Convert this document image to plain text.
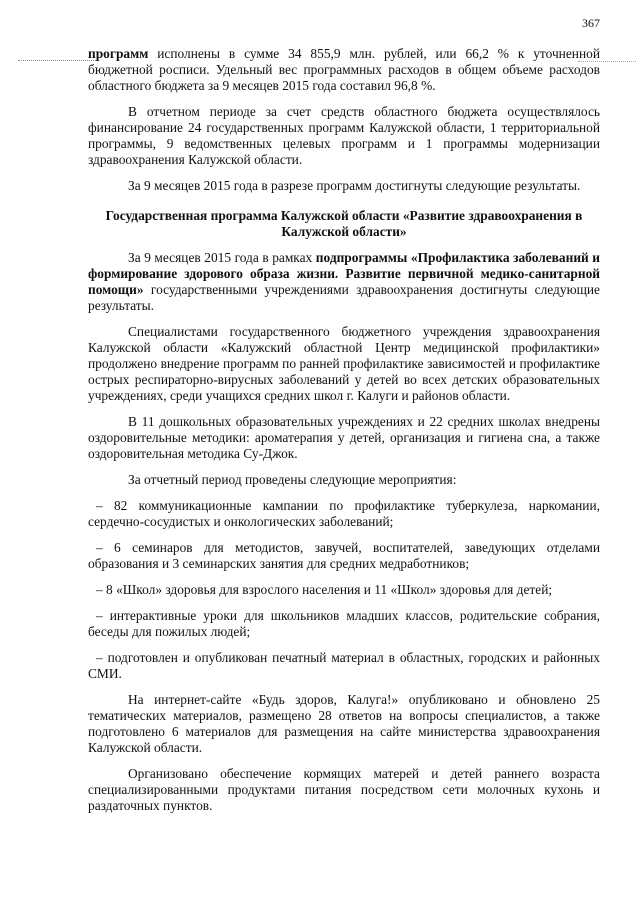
367

программ исполнены в сумме 34 855,9 млн. рублей, или 66,2 % к уточненной бюджетной росписи. Удельный вес программных расходов в общем объеме расходов областного бюджета за 9 месяцев 2015 года составил 96,8 %.

В отчетном периоде за счет средств областного бюджета осуществлялось финансирование 24 государственных программ Калужской области, 1 территориальной программы, 9 ведомственных целевых программ и 1 программы модернизации здравоохранения Калужской области.

За 9 месяцев 2015 года в разрезе программ достигнуты следующие результаты.

Государственная программа Калужской области «Развитие здравоохранения в Калужской области»

За 9 месяцев 2015 года в рамках подпрограммы «Профилактика заболеваний и формирование здорового образа жизни. Развитие первичной медико-санитарной помощи» государственными учреждениями здравоохранения достигнуты следующие результаты.

Специалистами государственного бюджетного учреждения здравоохранения Калужской области «Калужский областной Центр медицинской профилактики» продолжено внедрение программ по ранней профилактике зависимостей и профилактике острых респираторно-вирусных заболеваний у детей во всех детских образовательных учреждениях, среди учащихся средних школ г. Калуги и районов области.

В 11 дошкольных образовательных учреждениях и 22 средних школах внедрены оздоровительные методики: ароматерапия у детей, организация и гигиена сна, а также оздоровительная методика Су-Джок.

За отчетный период проведены следующие мероприятия:

– 82 коммуникационные кампании по профилактике туберкулеза, наркомании, сердечно-сосудистых и онкологических заболеваний;

– 6 семинаров для методистов, завучей, воспитателей, заведующих отделами образования и 3 семинарских занятия для средних медработников;

– 8 «Школ» здоровья для взрослого населения и 11 «Школ» здоровья для детей;

– интерактивные уроки для школьников младших классов, родительские собрания, беседы для пожилых людей;

– подготовлен и опубликован печатный материал в областных, городских и районных СМИ.

На интернет-сайте «Будь здоров, Калуга!» опубликовано и обновлено 25 тематических материалов, размещено 28 ответов на вопросы специалистов, а также подготовлено 6 материалов для размещения на сайте министерства здравоохранения Калужской области.

Организовано обеспечение кормящих матерей и детей раннего возраста специализированными продуктами питания посредством сети молочных кухонь и раздаточных пунктов.
